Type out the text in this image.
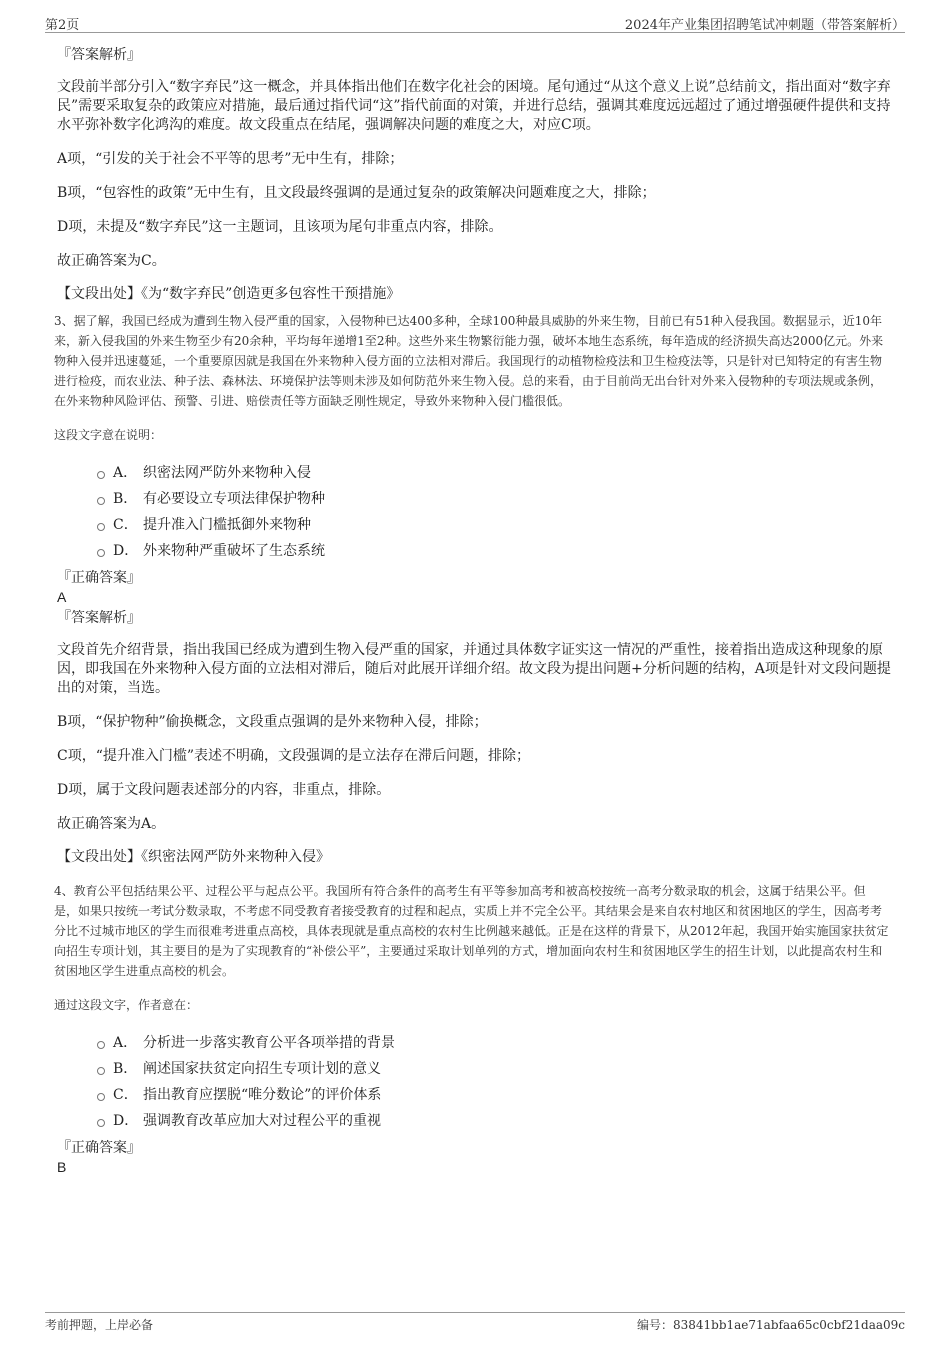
第2页	2024年产业集团招聘笔试冲刺题（带答案解析）

『答案解析』

文段前半部分引入“数字弃民”这一概念，并具体指出他们在数字化社会的困境。尾句通过“从这个意义上说”总结前文，指出面对“数字弃民”需要采取复杂的政策应对措施，最后通过指代词“这”指代前面的对策，并进行总结，强调其难度远远超过了通过增强硬件提供和支持水平弥补数字化鸿沟的难度。故文段重点在结尾，强调解决问题的难度之大，对应C项。

A项，“引发的关于社会不平等的思考”无中生有，排除；

B项，“包容性的政策”无中生有，且文段最终强调的是通过复杂的政策解决问题难度之大，排除；

D项，未提及“数字弃民”这一主题词，且该项为尾句非重点内容，排除。

故正确答案为C。

【文段出处】《为“数字弃民”创造更多包容性干预措施》

3、据了解，我国已经成为遭到生物入侵严重的国家，入侵物种已达400多种，全球100种最具威胁的外来生物，目前已有51种入侵我国。数据显示，近10年来，新入侵我国的外来生物至少有20余种，平均每年递增1至2种。这些外来生物繁衍能力强，破坏本地生态系统，每年造成的经济损失高达2000亿元。外来物种入侵并迅速蔓延，一个重要原因就是我国在外来物种入侵方面的立法相对滞后。我国现行的动植物检疫法和卫生检疫法等，只是针对已知特定的有害生物进行检疫，而农业法、种子法、森林法、环境保护法等则未涉及如何防范外来生物入侵。总的来看，由于目前尚无出台针对外来入侵物种的专项法规或条例，在外来物种风险评估、预警、引进、赔偿责任等方面缺乏刚性规定，导致外来物种入侵门槛很低。

这段文字意在说明：

A． 织密法网严防外来物种入侵
B． 有必要设立专项法律保护物种
C． 提升准入门槛抵御外来物种
D． 外来物种严重破坏了生态系统

『正确答案』

A

『答案解析』

文段首先介绍背景，指出我国已经成为遭到生物入侵严重的国家，并通过具体数字证实这一情况的严重性，接着指出造成这种现象的原因，即我国在外来物种入侵方面的立法相对滞后，随后对此展开详细介绍。故文段为提出问题+分析问题的结构，A项是针对文段问题提出的对策，当选。

B项，“保护物种”偷换概念，文段重点强调的是外来物种入侵，排除；

C项，“提升准入门槛”表述不明确，文段强调的是立法存在滞后问题，排除；

D项，属于文段问题表述部分的内容，非重点，排除。

故正确答案为A。

【文段出处】《织密法网严防外来物种入侵》

4、教育公平包括结果公平、过程公平与起点公平。我国所有符合条件的高考生有平等参加高考和被高校按统一高考分数录取的机会，这属于结果公平。但是，如果只按统一考试分数录取，不考虑不同受教育者接受教育的过程和起点，实质上并不完全公平。其结果会是来自农村地区和贫困地区的学生，因高考考分比不过城市地区的学生而很难考进重点高校，具体表现就是重点高校的农村生比例越来越低。正是在这样的背景下，从2012年起，我国开始实施国家扶贫定向招生专项计划，其主要目的是为了实现教育的“补偿公平”，主要通过采取计划单列的方式，增加面向农村生和贫困地区学生的招生计划，以此提高农村生和贫困地区学生进重点高校的机会。

通过这段文字，作者意在：

A． 分析进一步落实教育公平各项举措的背景
B． 阐述国家扶贫定向招生专项计划的意义
C． 指出教育应摆脱“唯分数论”的评价体系
D． 强调教育改革应加大对过程公平的重视

『正确答案』

B

考前押题，上岸必备	编号：83841bb1ae71abfaa65c0cbf21daa09c
